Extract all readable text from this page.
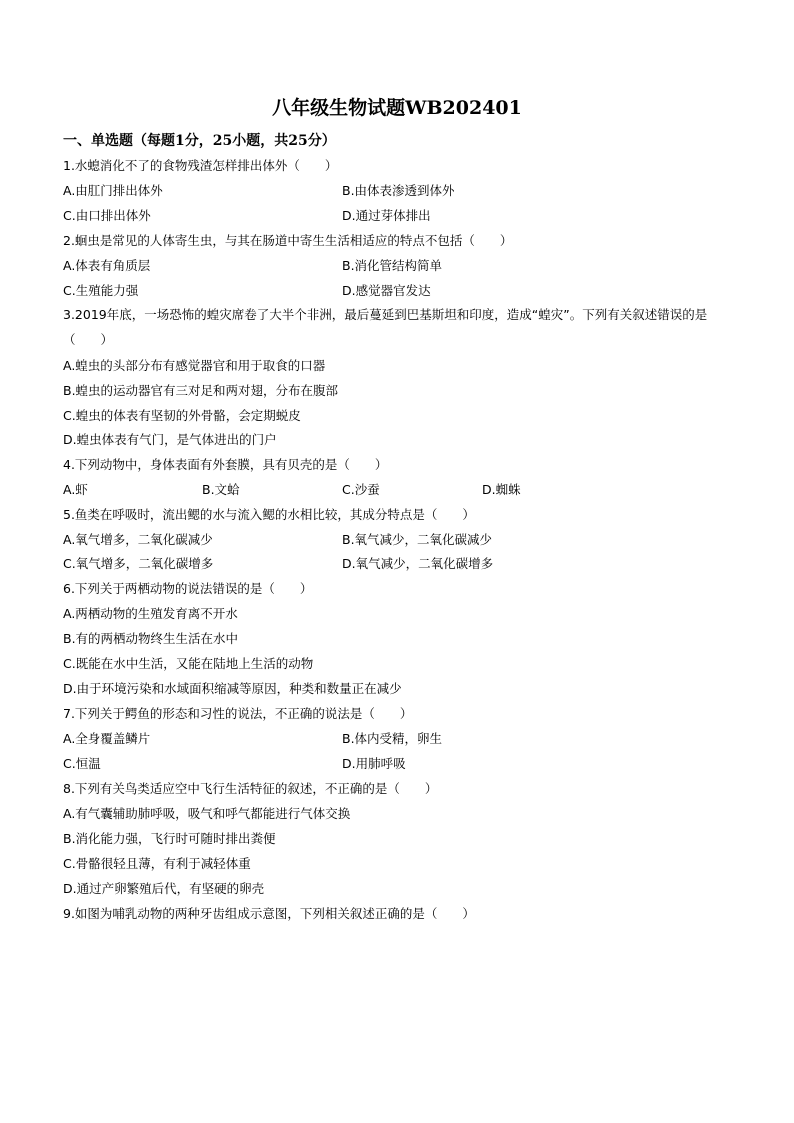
八年级生物试题WB202401
一、单选题（每题1分，25小题，共25分）
1.水螅消化不了的食物残渣怎样排出体外（　　）
A.由肛门排出体外	B.由体表渗透到体外
C.由口排出体外	D.通过芽体排出
2.蛔虫是常见的人体寄生虫，与其在肠道中寄生生活相适应的特点不包括（　　）
A.体表有角质层	B.消化管结构简单
C.生殖能力强	D.感觉器官发达
3.2019年底，一场恐怖的蝗灾席卷了大半个非洲，最后蔓延到巴基斯坦和印度，造成“蝗灾”。下列有关叙述错误的是（　　）
A.蝗虫的头部分布有感觉器官和用于取食的口器
B.蝗虫的运动器官有三对足和两对翅，分布在腹部
C.蝗虫的体表有坚韧的外骨骼，会定期蜕皮
D.蝗虫体表有气门，是气体进出的门户
4.下列动物中，身体表面有外套膜，具有贝壳的是（　　）
A.虾	B.文蛤	C.沙蚕	D.蜘蛛
5.鱼类在呼吸时，流出鳃的水与流入鳃的水相比较，其成分特点是（　　）
A.氧气增多，二氧化碳减少	B.氧气减少，二氧化碳减少
C.氧气增多，二氧化碳增多	D.氧气减少，二氧化碳增多
6.下列关于两栖动物的说法错误的是（　　）
A.两栖动物的生殖发育离不开水
B.有的两栖动物终生生活在水中
C.既能在水中生活，又能在陆地上生活的动物
D.由于环境污染和水域面积缩减等原因，种类和数量正在减少
7.下列关于鳄鱼的形态和习性的说法，不正确的说法是（　　）
A.全身覆盖鳞片	B.体内受精，卵生
C.恒温	D.用肺呼吸
8.下列有关鸟类适应空中飞行生活特征的叙述，不正确的是（　　）
A.有气囊辅助肺呼吸，吸气和呼气都能进行气体交换
B.消化能力强，飞行时可随时排出粪便
C.骨骼很轻且薄，有利于减轻体重
D.通过产卵繁殖后代，有坚硬的卵壳
9.如图为哺乳动物的两种牙齿组成示意图，下列相关叙述正确的是（　　）
